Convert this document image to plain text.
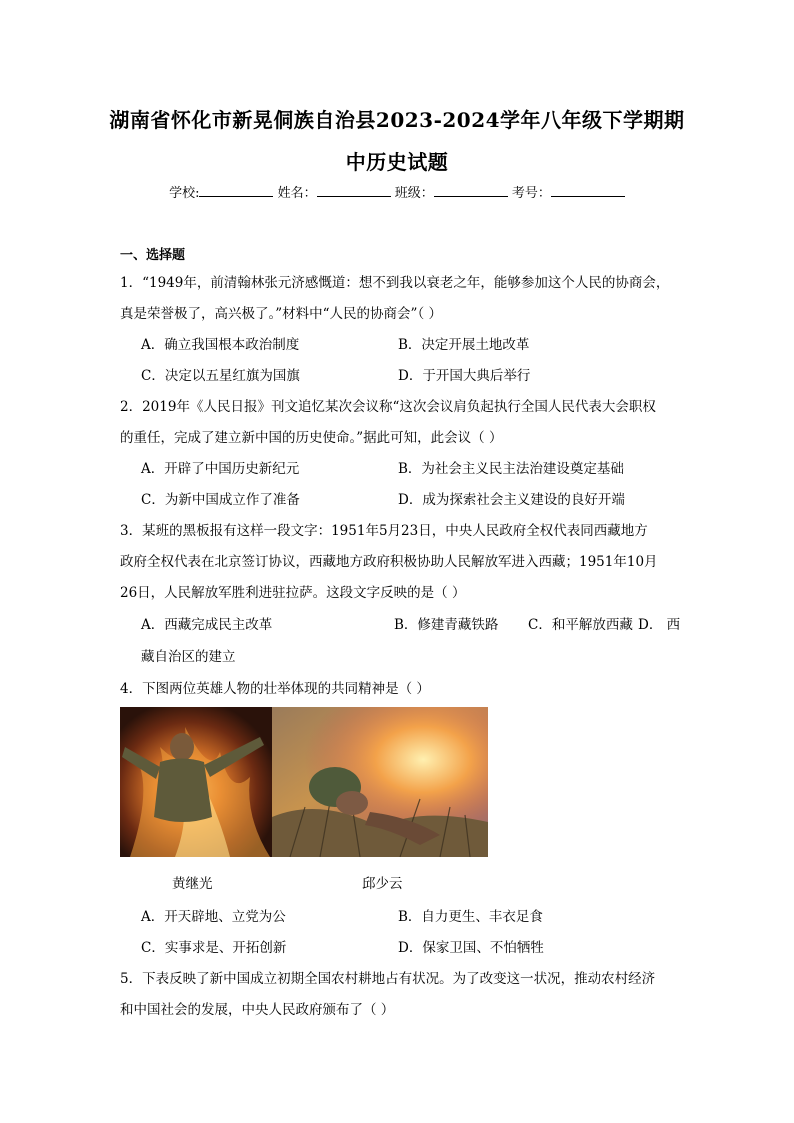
湖南省怀化市新晃侗族自治县2023-2024学年八年级下学期期
中历史试题
学校:	姓名：	班级：	考号：
一、选择题
1．“1949年，前清翰林张元济感慨道：想不到我以衰老之年，能够参加这个人民的协商会，
真是荣誉极了，高兴极了。”材料中“人民的协商会”（ ）
A．确立我国根本政治制度	B．决定开展土地改革
C．决定以五星红旗为国旗	D．于开国大典后举行
2．2019年《人民日报》刊文追忆某次会议称“这次会议肩负起执行全国人民代表大会职权
的重任，完成了建立新中国的历史使命。”据此可知，此会议（ ）
A．开辟了中国历史新纪元	B．为社会主义民主法治建设奠定基础
C．为新中国成立作了准备	D．成为探索社会主义建设的良好开端
3．某班的黑板报有这样一段文字：1951年5月23日，中央人民政府全权代表同西藏地方
政府全权代表在北京签订协议，西藏地方政府积极协助人民解放军进入西藏；1951年10月
26日，人民解放军胜利进驻拉萨。这段文字反映的是（ ）
A．西藏完成民主改革	B．修建青藏铁路 C．和平解放西藏 D． 西
藏自治区的建立
4．下图两位英雄人物的壮举体现的共同精神是（ ）
黄继光	邱少云
A．开天辟地、立党为公	B．自力更生、丰衣足食
C．实事求是、开拓创新	D．保家卫国、不怕牺牲
5．下表反映了新中国成立初期全国农村耕地占有状况。为了改变这一状况，推动农村经济
和中国社会的发展，中央人民政府颁布了（ ）
